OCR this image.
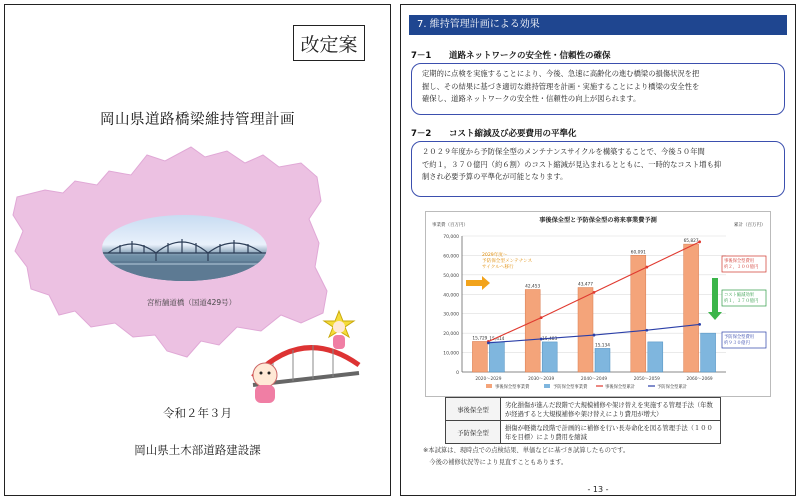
改定案
岡山県道路橋梁維持管理計画
宮桁舗道橋（国道429号）
令和２年３月
岡山県土木部道路建設課
7. 維持管理計画による効果
7－1 道路ネットワークの安全性・信頼性の確保
定期的に点検を実施することにより、今後、急速に高齢化の進む橋梁の損傷状況を把
握し、その結果に基づき適切な維持管理を計画・実施することにより橋梁の安全性を
確保し、道路ネットワークの安全性・信頼性の向上が図られます。
7－2 コスト縮減及び必要費用の平準化
２０２９年度から予防保全型のメンテナンスサイクルを構築することで、今後５０年間
で約１，３７０億円（約６割）のコスト縮減が見込まれるとともに、一時的なコスト増も抑
制され必要予算の平準化が可能となります。
事後保全型と予防保全型の将来事業費予測
事業費（百万円）	累計（百万円）
0
10,000
20,000
30,000
40,000
50,000
60,000
70,000
15,729 15,414
2020～2029
42,453
15,483
2030～2039
43,477
15,134
2040～2049
60,091
2050～2059
65,827
2060～2069
2029年度〜
予防保全型メンテナンス
サイクルへ移行
事後保全型費用
約２，３００億円
コスト縮減効果
約１，３７０億円
予防保全型費用
約９３０億円
事後保全型事業費	予防保全型事業費	事後保全型累計	予防保全型累計
事後保全型	劣化損傷が進んだ段階で大規模補修や架け替えを実施する管理手法（年数が経過すると大規模補修や架け替えにより費用が増大）
予防保全型	損傷が軽微な段階で計画的に補修を行い長寿命化を図る管理手法（１００年を目標）により費用を縮減
※本試算は、現時点での点検結果、単価などに基づき試算したものです。
　今後の補修状況等により見直すこともあります。
- 13 -
